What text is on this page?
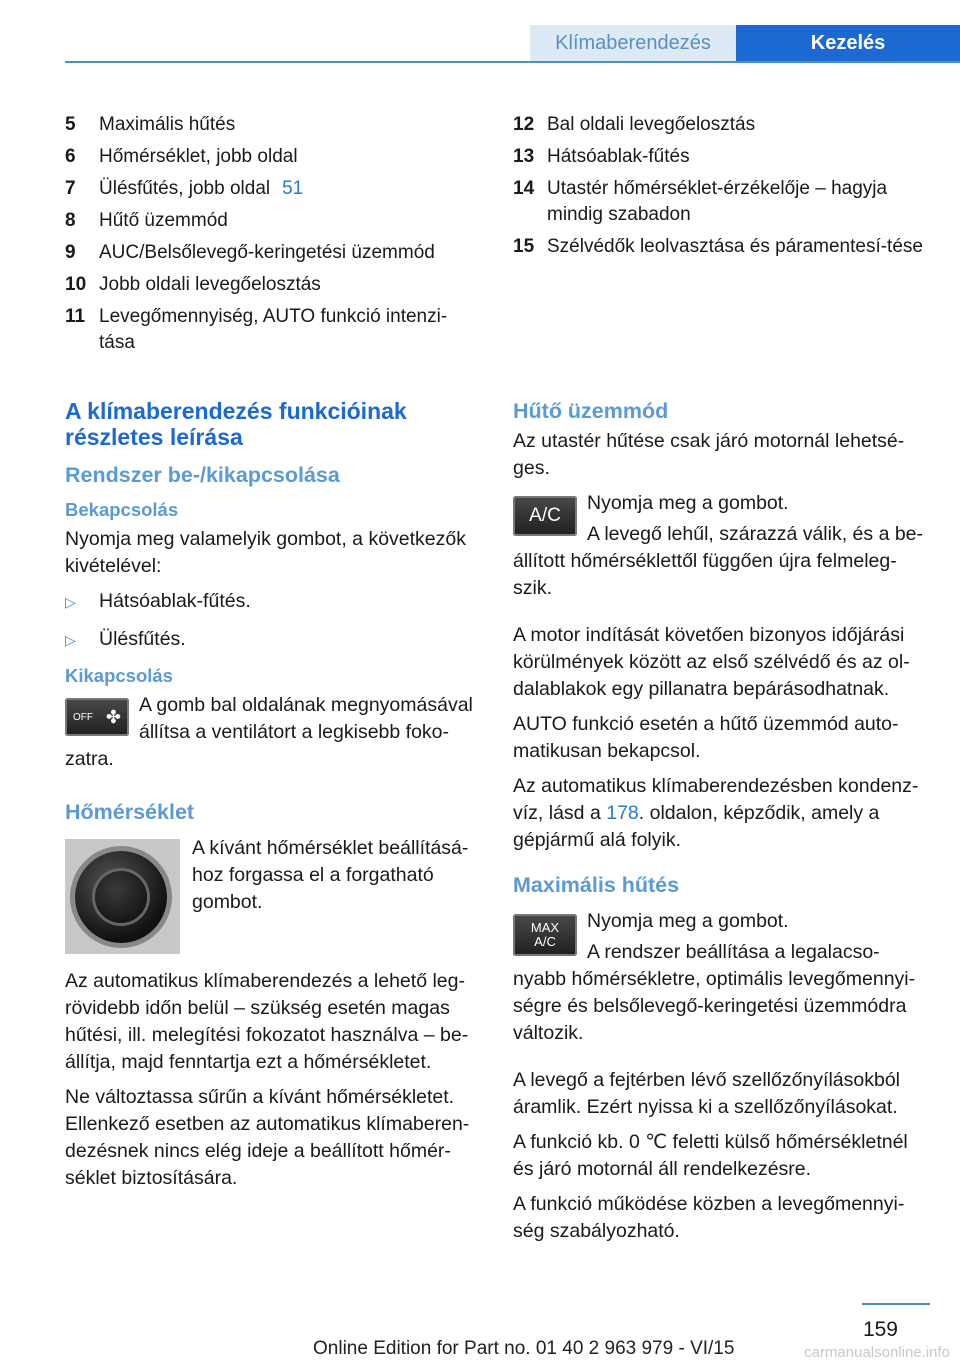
Klímaberendezés	Kezelés
5	Maximális hűtés
6	Hőmérséklet, jobb oldal
7	Ülésfűtés, jobb oldal 51
8	Hűtő üzemmód
9	AUC/Belsőlevegő-keringetési üzemmód
10 Jobb oldali levegőelosztás
11 Levegőmennyiség, AUTO funkció intenzi-tása
12 Bal oldali levegőelosztás
13 Hátsóablak-fűtés
14 Utastér hőmérséklet-érzékelője – hagyja mindig szabadon
15 Szélvédők leolvasztása és páramentesí-tése
A klímaberendezés funkcióinak részletes leírása
Rendszer be-/kikapcsolása
Bekapcsolás

Nyomja meg valamelyik gombot, a következők kivételével:

▷	Hátsóablak-fűtés.
▷	Ülésfűtés.
Kikapcsolás
OFF ✤

A gomb bal oldalának megnyomásával állítsa a ventilátort a legkisebb foko-zatra.

Hőmérséklet

A kívánt hőmérséklet beállításá-hoz forgassa el a forgatható gombot.

Az automatikus klímaberendezés a lehető leg-rövidebb időn belül – szükség esetén magas hűtési, ill. melegítési fokozatot használva – be-állítja, majd fenntartja ezt a hőmérsékletet.

Ne változtassa sűrűn a kívánt hőmérsékletet. Ellenkező esetben az automatikus klímaberen-dezésnek nincs elég ideje a beállított hőmér-séklet biztosítására.

Hűtő üzemmód

Az utastér hűtése csak járó motornál lehetsé-ges.

A/C

Nyomja meg a gombot.

A levegő lehűl, szárazzá válik, és a be-állított hőmérséklettől függően újra felmeleg-szik.

A motor indítását követően bizonyos időjárási körülmények között az első szélvédő és az ol-dalablakok egy pillanatra bepárásodhatnak.

AUTO funkció esetén a hűtő üzemmód auto-matikusan bekapcsol.

Az automatikus klímaberendezésben kondenz-víz, lásd a 178. oldalon, képződik, amely a gépjármű alá folyik.

Maximális hűtés
MAX
A/C

Nyomja meg a gombot.

A rendszer beállítása a legalacso-nyabb hőmérsékletre, optimális levegőmennyi-ségre és belsőlevegő-keringetési üzemmódra változik.

A levegő a fejtérben lévő szellőzőnyílásokból áramlik. Ezért nyissa ki a szellőzőnyílásokat.

A funkció kb. 0 ℃ feletti külső hőmérsékletnél és járó motornál áll rendelkezésre.

A funkció működése közben a levegőmennyi-ség szabályozható.

159
Online Edition for Part no. 01 40 2 963 979 - VI/15	carmanualsonline.info
